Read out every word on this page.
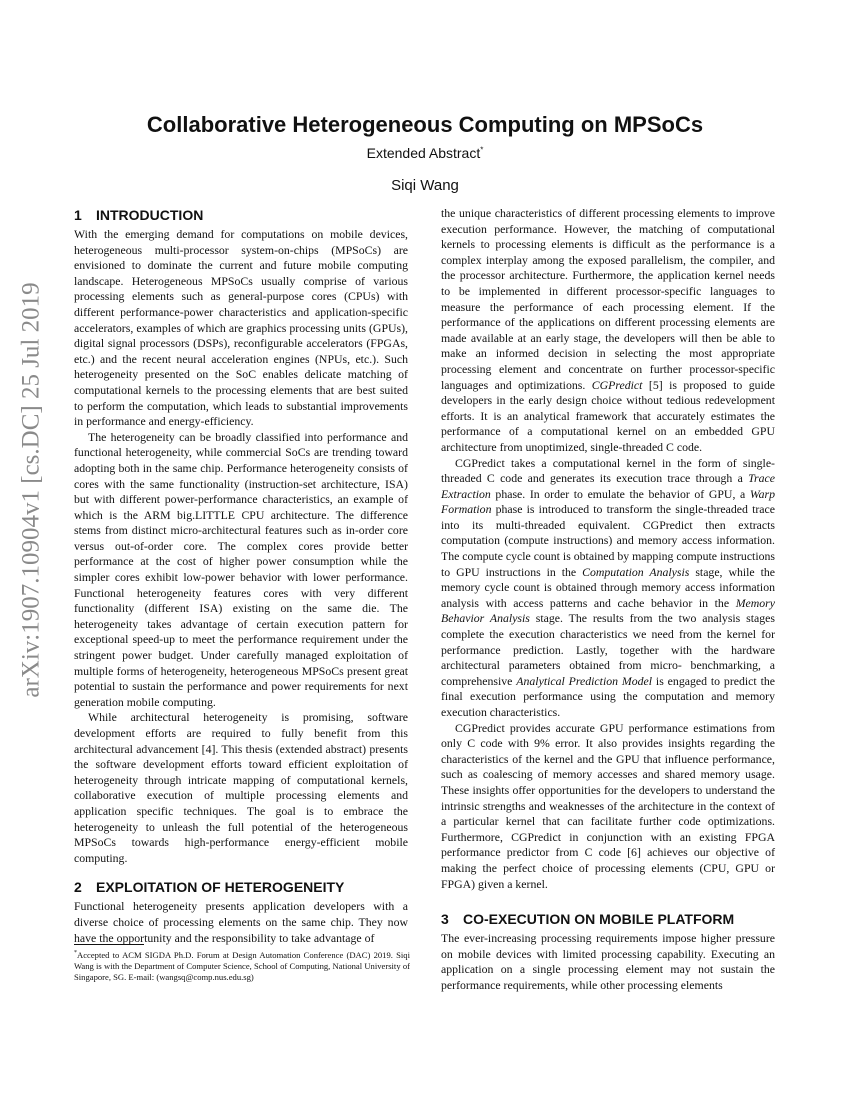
arXiv:1907.10904v1 [cs.DC] 25 Jul 2019
Collaborative Heterogeneous Computing on MPSoCs
Extended Abstract*
Siqi Wang
1 INTRODUCTION

With the emerging demand for computations on mobile devices, heterogeneous multi-processor system-on-chips (MPSoCs) are envisioned to dominate the current and future mobile computing landscape. Heterogeneous MPSoCs usually comprise of various processing elements such as general-purpose cores (CPUs) with different performance-power characteristics and application-specific accelerators, examples of which are graphics processing units (GPUs), digital signal processors (DSPs), reconfigurable accelerators (FPGAs, etc.) and the recent neural acceleration engines (NPUs, etc.). Such heterogeneity presented on the SoC enables delicate matching of computational kernels to the processing elements that are best suited to perform the computation, which leads to substantial improvements in performance and energy-efficiency.

The heterogeneity can be broadly classified into performance and functional heterogeneity, while commercial SoCs are trending toward adopting both in the same chip. Performance heterogeneity consists of cores with the same functionality (instruction-set architecture, ISA) but with different power-performance characteristics, an example of which is the ARM big.LITTLE CPU architecture. The difference stems from distinct micro-architectural features such as in-order core versus out-of-order core. The complex cores provide better performance at the cost of higher power consumption while the simpler cores exhibit low-power behavior with lower performance. Functional heterogeneity features cores with very different functionality (different ISA) existing on the same die. The heterogeneity takes advantage of certain execution pattern for exceptional speed-up to meet the performance requirement under the stringent power budget. Under carefully managed exploitation of multiple forms of heterogeneity, heterogeneous MPSoCs present great potential to sustain the performance and power requirements for next generation mobile computing.

While architectural heterogeneity is promising, software development efforts are required to fully benefit from this architectural advancement [4]. This thesis (extended abstract) presents the software development efforts toward efficient exploitation of heterogeneity through intricate mapping of computational kernels, collaborative execution of multiple processing elements and application specific techniques. The goal is to embrace the heterogeneity to unleash the full potential of the heterogeneous MPSoCs towards high-performance energy-efficient mobile computing.

2 EXPLOITATION OF HETEROGENEITY

Functional heterogeneity presents application developers with a diverse choice of processing elements on the same chip. They now have the opportunity and the responsibility to take advantage of

*Accepted to ACM SIGDA Ph.D. Forum at Design Automation Conference (DAC) 2019. Siqi Wang is with the Department of Computer Science, School of Computing, National University of Singapore, SG. E-mail: (wangsq@comp.nus.edu.sg)

the unique characteristics of different processing elements to improve execution performance. However, the matching of computational kernels to processing elements is difficult as the performance is a complex interplay among the exposed parallelism, the compiler, and the processor architecture. Furthermore, the application kernel needs to be implemented in different processor-specific languages to measure the performance of each processing element. If the performance of the applications on different processing elements are made available at an early stage, the developers will then be able to make an informed decision in selecting the most appropriate processing element and concentrate on further processor-specific languages and optimizations. CGPredict [5] is proposed to guide developers in the early design choice without tedious redevelopment efforts. It is an analytical framework that accurately estimates the performance of a computational kernel on an embedded GPU architecture from unoptimized, single-threaded C code.

CGPredict takes a computational kernel in the form of single-threaded C code and generates its execution trace through a Trace Extraction phase. In order to emulate the behavior of GPU, a Warp Formation phase is introduced to transform the single-threaded trace into its multi-threaded equivalent. CGPredict then extracts computation (compute instructions) and memory access information. The compute cycle count is obtained by mapping compute instructions to GPU instructions in the Computation Analysis stage, while the memory cycle count is obtained through memory access information analysis with access patterns and cache behavior in the Memory Behavior Analysis stage. The results from the two analysis stages complete the execution characteristics we need from the kernel for performance prediction. Lastly, together with the hardware architectural parameters obtained from micro- benchmarking, a comprehensive Analytical Prediction Model is engaged to predict the final execution performance using the computation and memory execution characteristics.

CGPredict provides accurate GPU performance estimations from only C code with 9% error. It also provides insights regarding the characteristics of the kernel and the GPU that influence performance, such as coalescing of memory accesses and shared memory usage. These insights offer opportunities for the developers to understand the intrinsic strengths and weaknesses of the architecture in the context of a particular kernel that can facilitate further code optimizations. Furthermore, CGPredict in conjunction with an existing FPGA performance predictor from C code [6] achieves our objective of making the perfect choice of processing elements (CPU, GPU or FPGA) given a kernel.

3 CO-EXECUTION ON MOBILE PLATFORM

The ever-increasing processing requirements impose higher pressure on mobile devices with limited processing capability. Executing an application on a single processing element may not sustain the performance requirements, while other processing elements
